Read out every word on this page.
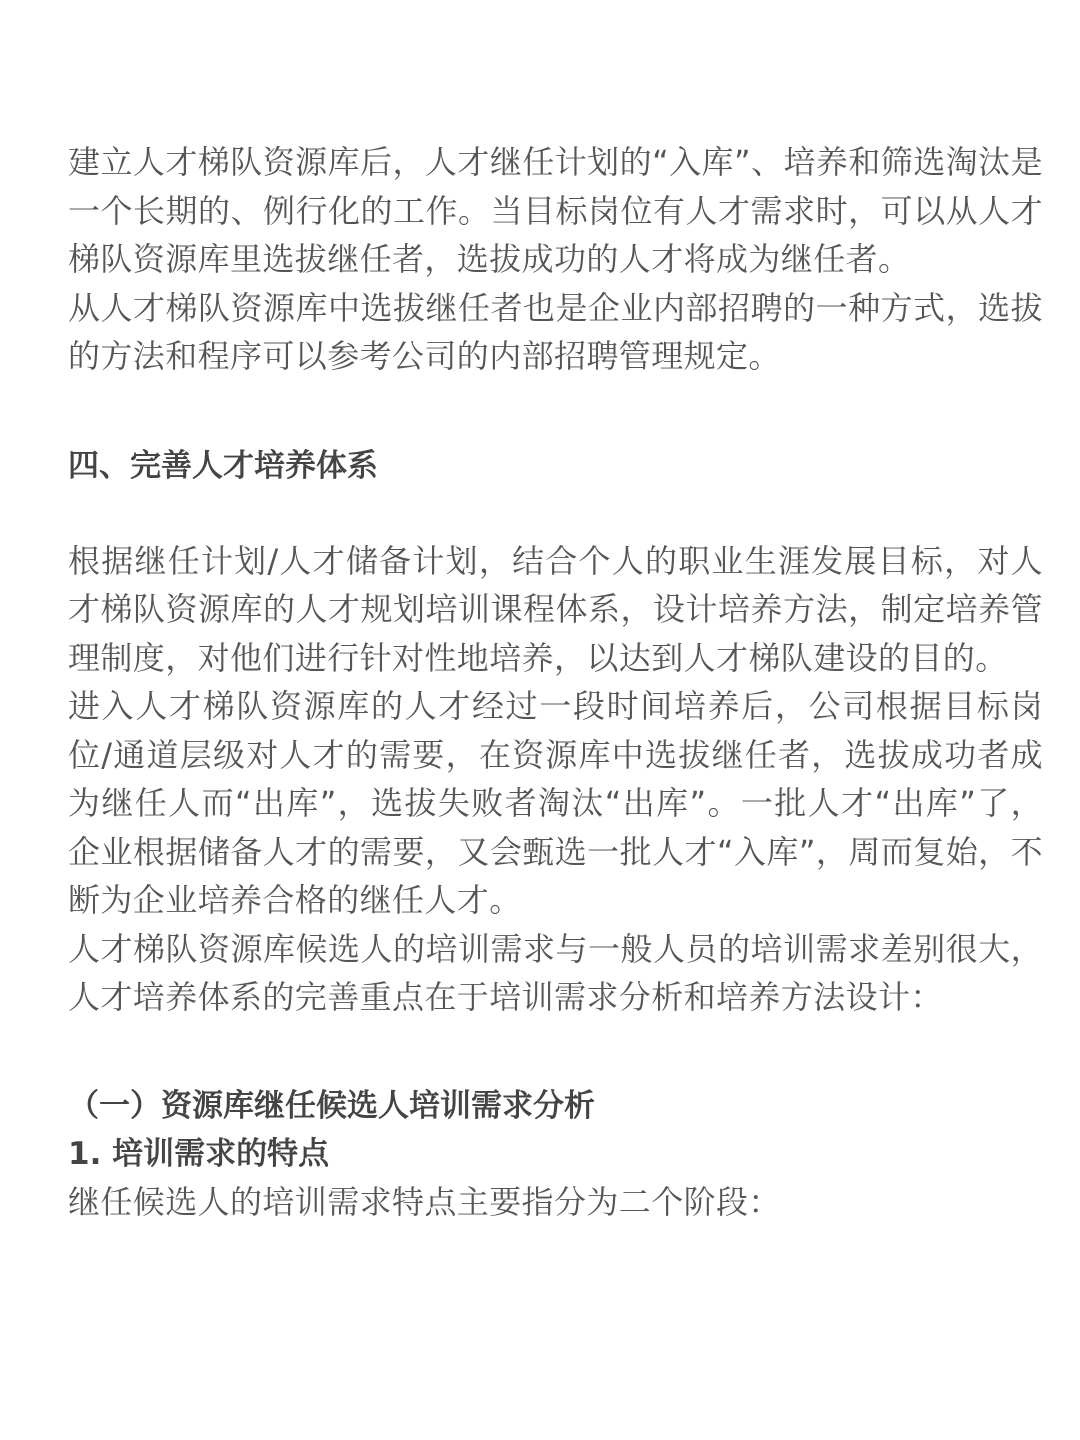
建立人才梯队资源库后，人才继任计划的“入库”、培养和筛选淘汰是一个长期的、例行化的工作。当目标岗位有人才需求时，可以从人才梯队资源库里选拔继任者，选拔成功的人才将成为继任者。

从人才梯队资源库中选拔继任者也是企业内部招聘的一种方式，选拔的方法和程序可以参考公司的内部招聘管理规定。

四、完善人才培养体系

根据继任计划/人才储备计划，结合个人的职业生涯发展目标，对人才梯队资源库的人才规划培训课程体系，设计培养方法，制定培养管理制度，对他们进行针对性地培养，以达到人才梯队建设的目的。

进入人才梯队资源库的人才经过一段时间培养后，公司根据目标岗位/通道层级对人才的需要，在资源库中选拔继任者，选拔成功者成为继任人而“出库”，选拔失败者淘汰“出库”。一批人才“出库”了，企业根据储备人才的需要，又会甄选一批人才“入库”，周而复始，不断为企业培养合格的继任人才。

人才梯队资源库候选人的培训需求与一般人员的培训需求差别很大，人才培养体系的完善重点在于培训需求分析和培养方法设计：

（一）资源库继任候选人培训需求分析

1. 培训需求的特点

继任候选人的培训需求特点主要指分为二个阶段：
